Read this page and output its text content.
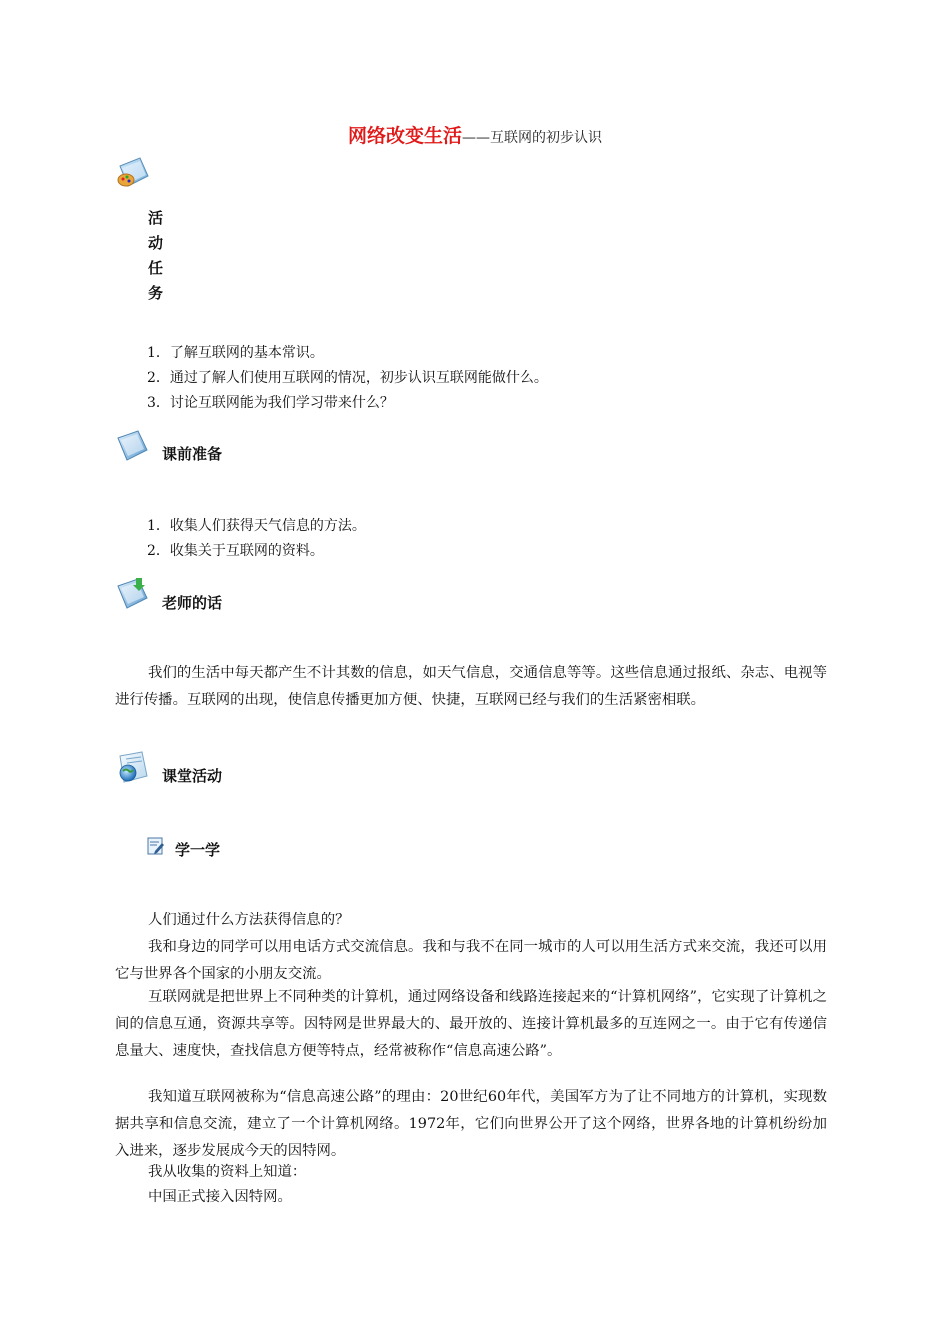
网络改变生活——互联网的初步认识
活
动
任
务
1．了解互联网的基本常识。
2．通过了解人们使用互联网的情况，初步认识互联网能做什么。
3．讨论互联网能为我们学习带来什么？
课前准备
1．收集人们获得天气信息的方法。
2．收集关于互联网的资料。
老师的话
我们的生活中每天都产生不计其数的信息，如天气信息，交通信息等等。这些信息通过报纸、杂志、电视等进行传播。互联网的出现，使信息传播更加方便、快捷，互联网已经与我们的生活紧密相联。
课堂活动
学一学
人们通过什么方法获得信息的？
我和身边的同学可以用电话方式交流信息。我和与我不在同一城市的人可以用生活方式来交流，我还可以用它与世界各个国家的小朋友交流。
互联网就是把世界上不同种类的计算机，通过网络设备和线路连接起来的“计算机网络”，它实现了计算机之间的信息互通，资源共享等。因特网是世界最大的、最开放的、连接计算机最多的互连网之一。由于它有传递信息量大、速度快，查找信息方便等特点，经常被称作“信息高速公路”。
我知道互联网被称为“信息高速公路”的理由：20世纪60年代，美国军方为了让不同地方的计算机，实现数据共享和信息交流，建立了一个计算机网络。1972年，它们向世界公开了这个网络，世界各地的计算机纷纷加入进来，逐步发展成今天的因特网。
我从收集的资料上知道：
中国正式接入因特网。
